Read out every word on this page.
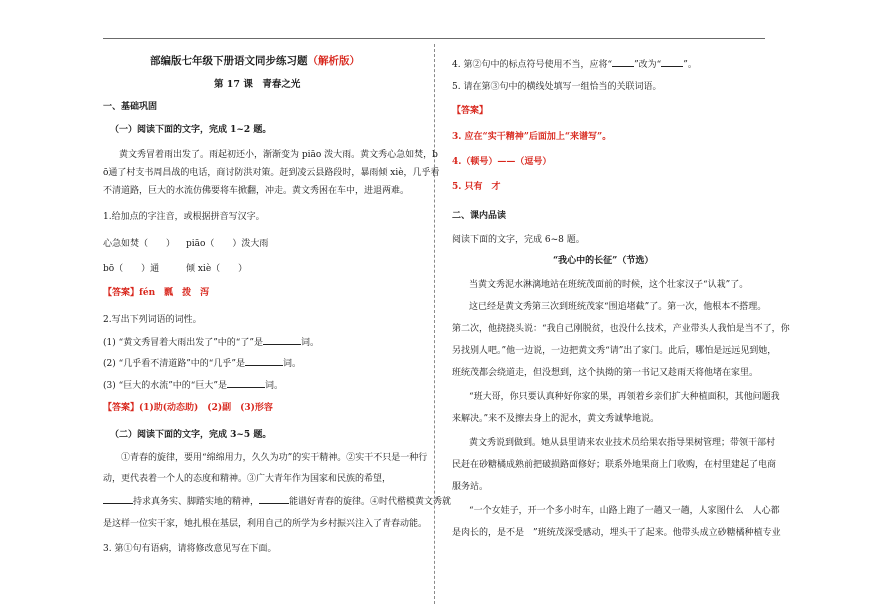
部编版七年级下册语文同步练习题（解析版）
第 17 课　青春之光
一、基础巩固
（一）阅读下面的文字，完成 1~2 题。
黄文秀冒着雨出发了。雨起初还小，渐渐变为 piāo 泼大雨。黄文秀心急如焚，b
ō通了村支书周昌战的电话，商讨防洪对策。赶到凌云县路段时，暴雨倾 xiè，几乎看
不清道路，巨大的水流仿佛要将车掀翻，冲走。黄文秀困在车中，进退两难。
1.给加点的字注音，或根据拼音写汉字。
心急如焚（　　） piāo（　　）泼大雨
bō（　　）通	倾 xiè（　　）
【答案】fén　瓢　拨　泻
2.写出下列词语的词性。
(1) “黄文秀冒着大雨出发了”中的“了”是	词。
(2) “几乎看不清道路”中的“几乎”是	词。
(3) “巨大的水流”中的“巨大”是	词。
【答案】(1)助(动态助)　(2)副　(3)形容
（二）阅读下面的文字，完成 3~5 题。
①青春的旋律，要用“绵绵用力，久久为功”的实干精神。②实干不只是一种行
动，更代表着一个人的态度和精神。③广大青年作为国家和民族的希望，
持求真务实、脚踏实地的精神，	能谱好青春的旋律。④时代楷模黄文秀就
是这样一位实干家，她扎根在基层，利用自己的所学为乡村振兴注入了青春动能。
3. 第①句有语病，请将修改意见写在下面。
4. 第②句中的标点符号使用不当，应将“ ”改为“ ”。
5. 请在第③句中的横线处填写一组恰当的关联词语。
【答案】
3. 应在“实干精神”后面加上“来谱写”。
4.（顿号）——（逗号）
5. 只有　才
二、课内品读
阅读下面的文字，完成 6~8 题。
“我心中的长征”（节选）
当黄文秀泥水淋漓地站在班统茂面前的时候，这个壮家汉子“认栽”了。
这已经是黄文秀第三次到班统茂家“围追堵截”了。第一次，他根本不搭理。
第二次，他挠挠头说：“我自己刚脱贫，也没什么技术，产业带头人我怕是当不了，你
另找别人吧。”他一边说，一边把黄文秀“请”出了家门。此后，哪怕是远远见到她，
班统茂都会绕道走，但没想到，这个执拗的第一书记又趁雨天将他堵在家里。
“班大哥，你只要认真种好你家的果，再领着乡亲们扩大种植面积，其他问题我
来解决。”来不及擦去身上的泥水，黄文秀诚挚地说。
黄文秀说到做到。她从县里请来农业技术员给果农指导果树管理；带领干部村
民赶在砂糖橘成熟前把破损路面修好；联系外地果商上门收购，在村里建起了电商
服务站。
“一个女娃子，开一个多小时车，山路上跑了一趟又一趟，人家图什么　人心都
是肉长的，是不是　”班统茂深受感动，埋头干了起来。他带头成立砂糖橘种植专业
